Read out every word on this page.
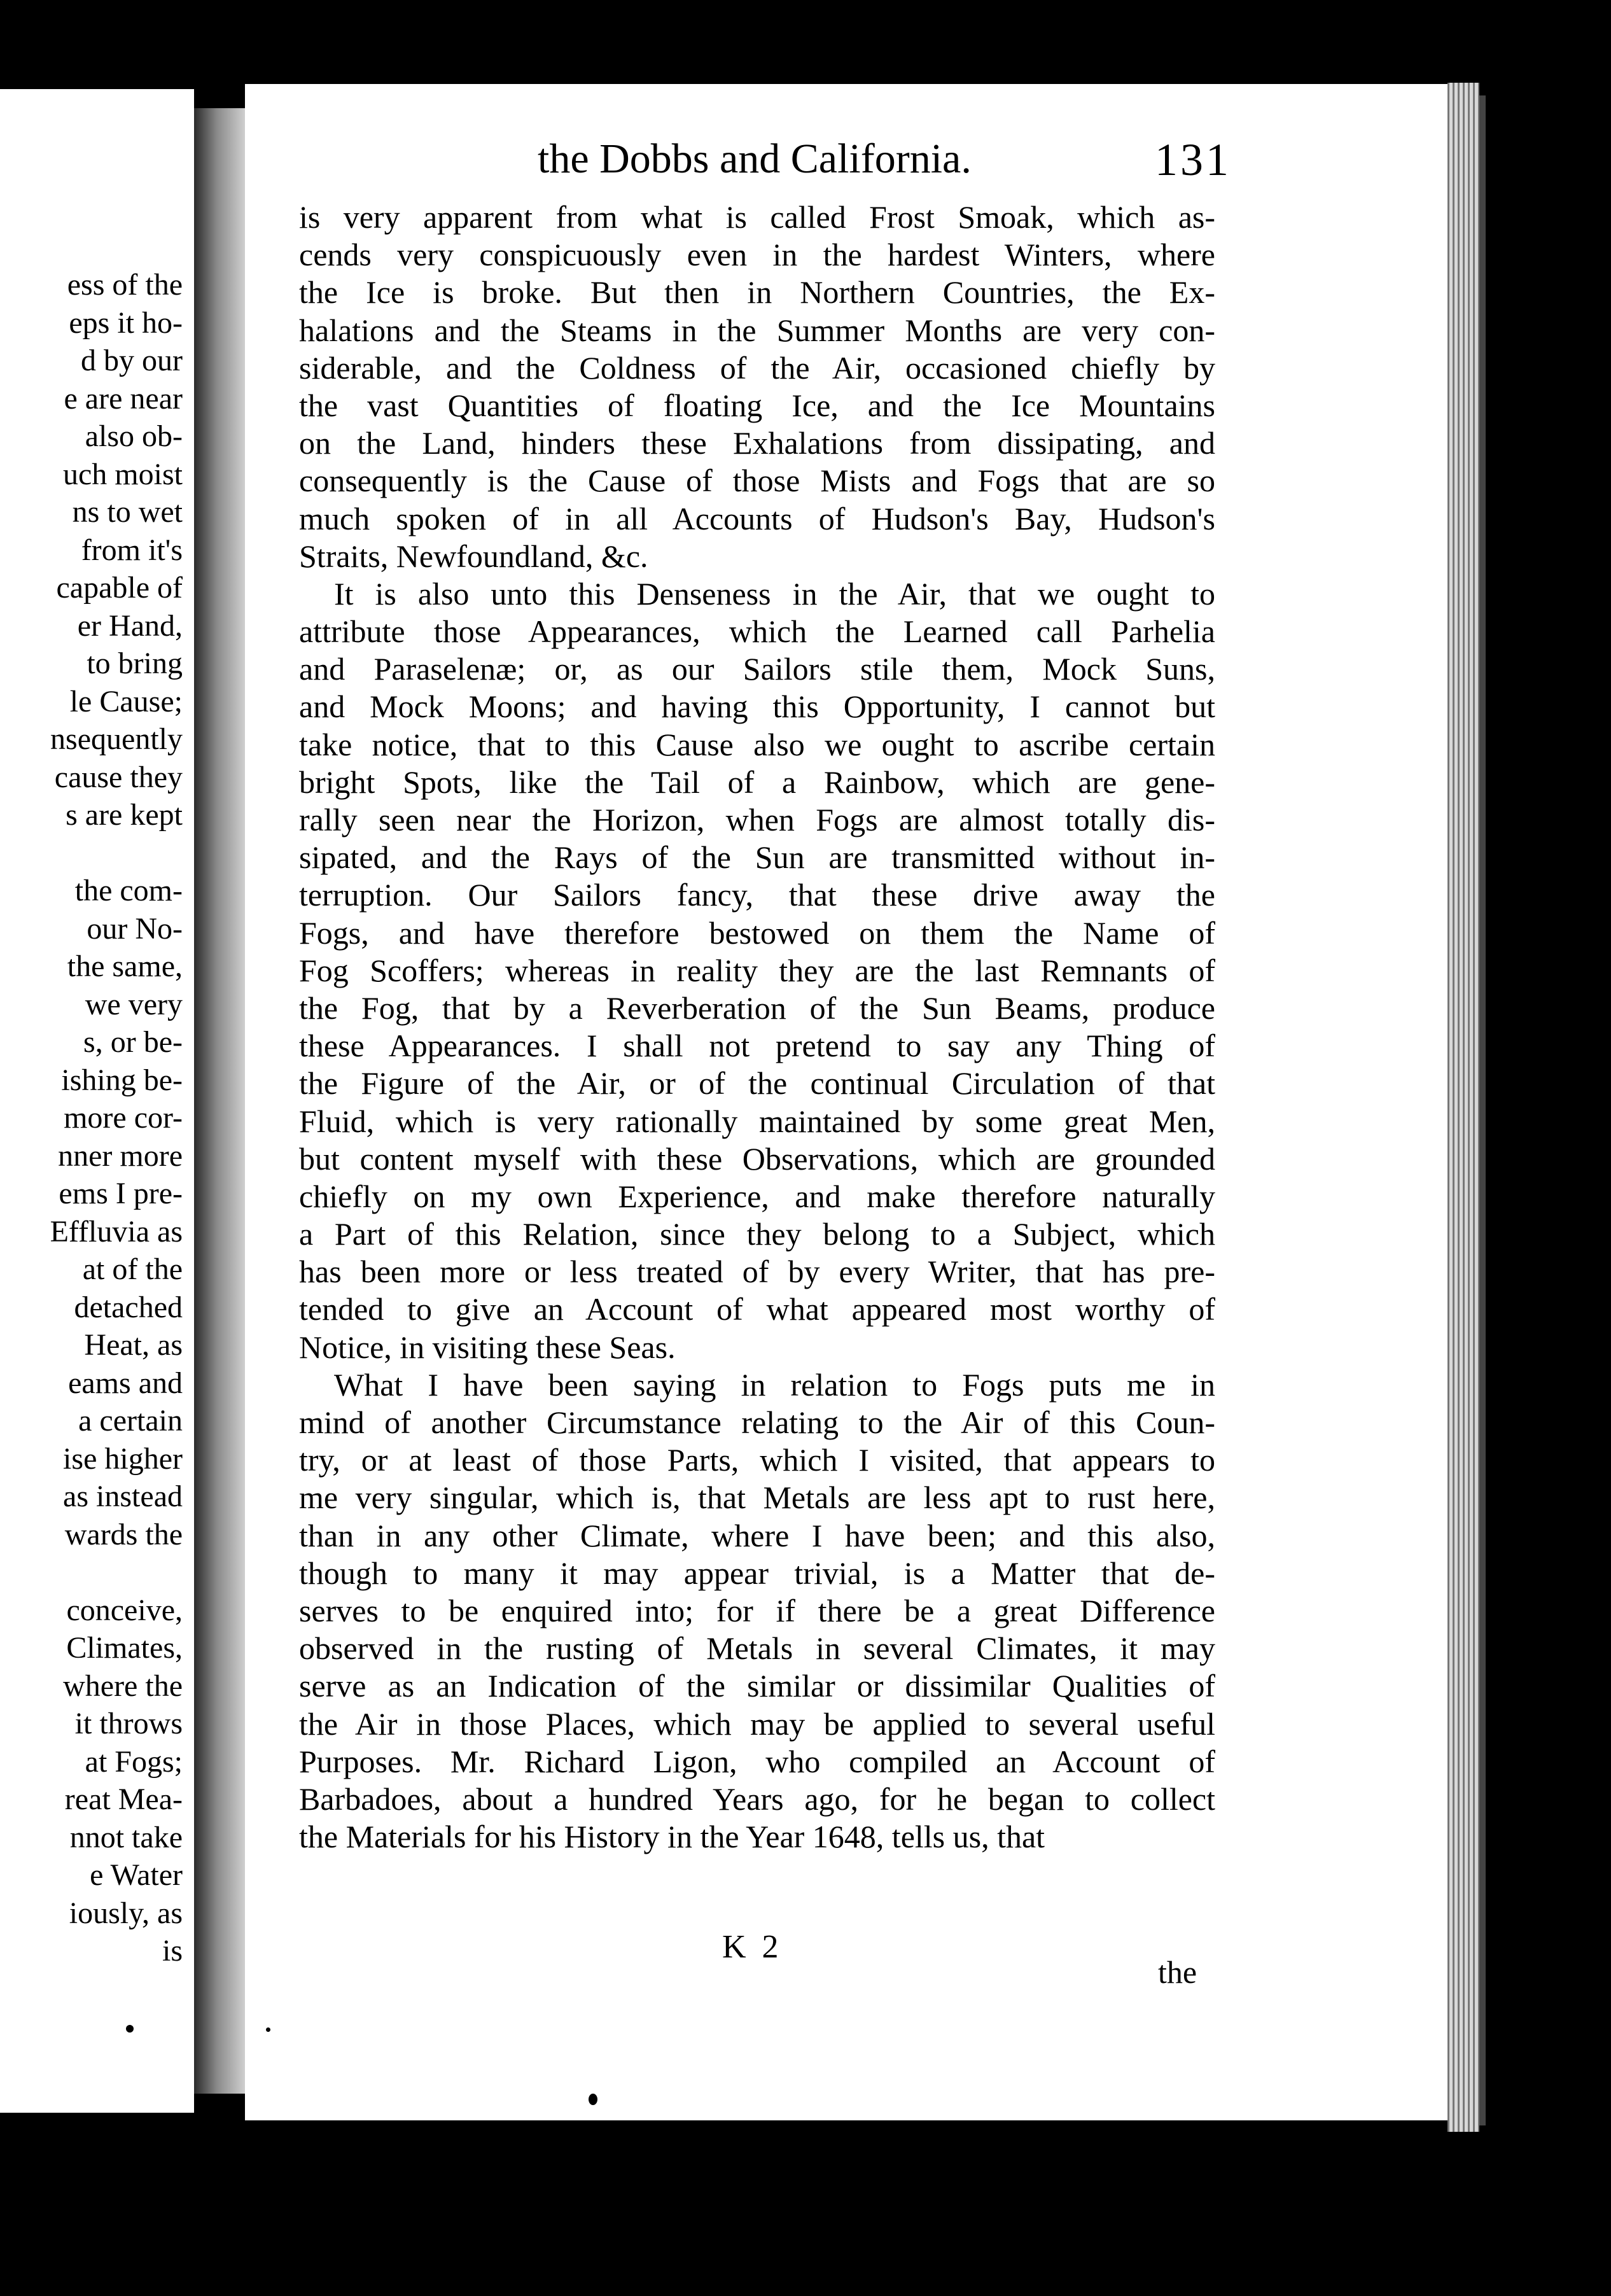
ess of the
eps it ho-
d by our
e are near
also ob-
uch moist
ns to wet
from it's
capable of
er Hand,
to bring
le Cause;
nsequently
cause they
s are kept
the com-
our No-
the same,
we very
s, or be-
ishing be-
more cor-
nner more
ems I pre-
Effluvia as
at of the
detached
Heat, as
eams and
a certain
ise higher
as instead
wards the
conceive,
Climates,
where the
it throws
at Fogs;
reat Mea-
nnot take
e Water
iously, as
is
the Dobbs and California.	131
is very apparent from what is called Frost Smoak, which as-
cends very conspicuously even in the hardest Winters, where
the Ice is broke. But then in Northern Countries, the Ex-
halations and the Steams in the Summer Months are very con-
siderable, and the Coldness of the Air, occasioned chiefly by
the vast Quantities of floating Ice, and the Ice Mountains
on the Land, hinders these Exhalations from dissipating, and
consequently is the Cause of those Mists and Fogs that are so
much spoken of in all Accounts of Hudson's Bay, Hudson's
Straits, Newfoundland, &c.
It is also unto this Denseness in the Air, that we ought to
attribute those Appearances, which the Learned call Parhelia
and Paraselenæ; or, as our Sailors stile them, Mock Suns,
and Mock Moons; and having this Opportunity, I cannot but
take notice, that to this Cause also we ought to ascribe certain
bright Spots, like the Tail of a Rainbow, which are gene-
rally seen near the Horizon, when Fogs are almost totally dis-
sipated, and the Rays of the Sun are transmitted without in-
terruption. Our Sailors fancy, that these drive away the
Fogs, and have therefore bestowed on them the Name of
Fog Scoffers; whereas in reality they are the last Remnants of
the Fog, that by a Reverberation of the Sun Beams, produce
these Appearances. I shall not pretend to say any Thing of
the Figure of the Air, or of the continual Circulation of that
Fluid, which is very rationally maintained by some great Men,
but content myself with these Observations, which are grounded
chiefly on my own Experience, and make therefore naturally
a Part of this Relation, since they belong to a Subject, which
has been more or less treated of by every Writer, that has pre-
tended to give an Account of what appeared most worthy of
Notice, in visiting these Seas.
What I have been saying in relation to Fogs puts me in
mind of another Circumstance relating to the Air of this Coun-
try, or at least of those Parts, which I visited, that appears to
me very singular, which is, that Metals are less apt to rust here,
than in any other Climate, where I have been; and this also,
though to many it may appear trivial, is a Matter that de-
serves to be enquired into; for if there be a great Difference
observed in the rusting of Metals in several Climates, it may
serve as an Indication of the similar or dissimilar Qualities of
the Air in those Places, which may be applied to several useful
Purposes. Mr. Richard Ligon, who compiled an Account of
Barbadoes, about a hundred Years ago, for he began to collect
the Materials for his History in the Year 1648, tells us, that
K 2
the
